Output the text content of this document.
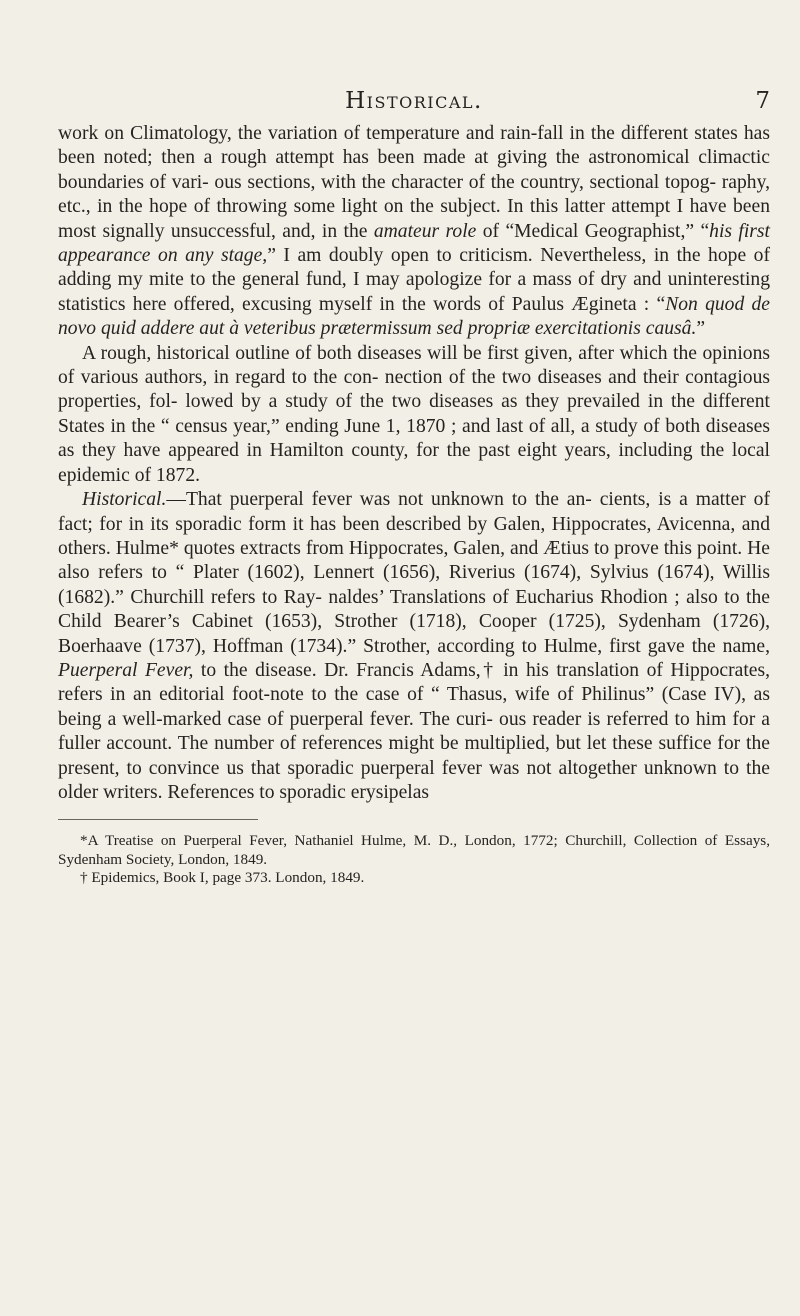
Historical.	7

work on Climatology, the variation of temperature and rain-fall in the different states has been noted; then a rough attempt has been made at giving the astronomical climactic boundaries of vari- ous sections, with the character of the country, sectional topog- raphy, etc., in the hope of throwing some light on the subject. In this latter attempt I have been most signally unsuccessful, and, in the amateur role of “Medical Geographist,” “his first appearance on any stage,” I am doubly open to criticism. Nevertheless, in the hope of adding my mite to the general fund, I may apologize for a mass of dry and uninteresting statistics here offered, excusing myself in the words of Paulus Ægineta : “Non quod de novo quid addere aut à veteribus prætermissum sed propriæ exercitationis causâ.”

A rough, historical outline of both diseases will be first given, after which the opinions of various authors, in regard to the con- nection of the two diseases and their contagious properties, fol- lowed by a study of the two diseases as they prevailed in the different States in the “ census year,” ending June 1, 1870 ; and last of all, a study of both diseases as they have appeared in Hamilton county, for the past eight years, including the local epidemic of 1872.

Historical.—That puerperal fever was not unknown to the an- cients, is a matter of fact; for in its sporadic form it has been described by Galen, Hippocrates, Avicenna, and others. Hulme* quotes extracts from Hippocrates, Galen, and Ætius to prove this point. He also refers to “ Plater (1602), Lennert (1656), Riverius (1674), Sylvius (1674), Willis (1682).” Churchill refers to Ray- naldes’ Translations of Eucharius Rhodion ; also to the Child Bearer’s Cabinet (1653), Strother (1718), Cooper (1725), Sydenham (1726), Boerhaave (1737), Hoffman (1734).” Strother, according to Hulme, first gave the name, Puerperal Fever, to the disease. Dr. Francis Adams,† in his translation of Hippocrates, refers in an editorial foot-note to the case of “ Thasus, wife of Philinus” (Case IV), as being a well-marked case of puerperal fever. The curi- ous reader is referred to him for a fuller account. The number of references might be multiplied, but let these suffice for the present, to convince us that sporadic puerperal fever was not altogether unknown to the older writers. References to sporadic erysipelas

*A Treatise on Puerperal Fever, Nathaniel Hulme, M. D., London, 1772; Churchill, Collection of Essays, Sydenham Society, London, 1849.

† Epidemics, Book I, page 373. London, 1849.
